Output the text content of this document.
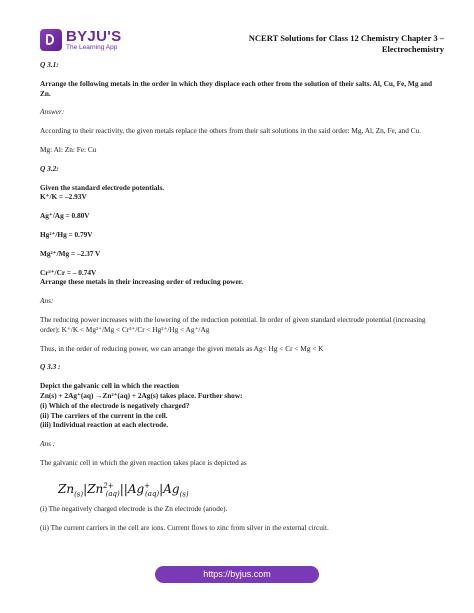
BYJU'S
The Learning App
NCERT Solutions for Class 12 Chemistry Chapter 3 –
Electrochemistry
Q 3.1:

Arrange the following metals in the order in which they displace each other from the solution of their salts. Al, Cu, Fe, Mg and Zn.

Answer:

According to their reactivity, the given metals replace the others from their salt solutions in the said order: Mg, Al, Zn, Fe, and Cu.

Mg: Al: Zn: Fe: Cu

Q 3.2:

Given the standard electrode potentials.

K⁺/K = –2.93V

Ag⁺/Ag = 0.80V

Hg²⁺/Hg = 0.79V

Mg²⁺/Mg = –2.37 V

Cr³⁺/Cr = – 0.74V

Arrange these metals in their increasing order of reducing power.

Ans:

The reducing power increases with the lowering of the reduction potential. In order of given standard electrode potential (increasing order): K⁺/K < Mg²⁺/Mg < Cr³⁺/Cr < Hg²⁺/Hg < Ag⁺/Ag

Thus, in the order of reducing power, we can arrange the given metals as Ag< Hg < Cr < Mg < K

Q 3.3 :
Depict the galvanic cell in which the reaction
Zn(s) + 2Ag⁺(aq) →Zn²⁺(aq) + 2Ag(s) takes place. Further show:
(i) Which of the electrode is negatively charged?
(ii) The carriers of the current in the cell.

(iii) Individual reaction at each electrode.

Ans :

The galvanic cell in which the given reaction takes place is depicted as

$Zn_{(s)}|Zn^{2+}_{(aq)}||Ag^+_{(aq)}|Ag_{(s)}$

(i) The negatively charged electrode is the Zn electrode (anode).

(ii) The current carriers in the cell are ions. Current flows to zinc from silver in the external circuit.

https://byjus.com
